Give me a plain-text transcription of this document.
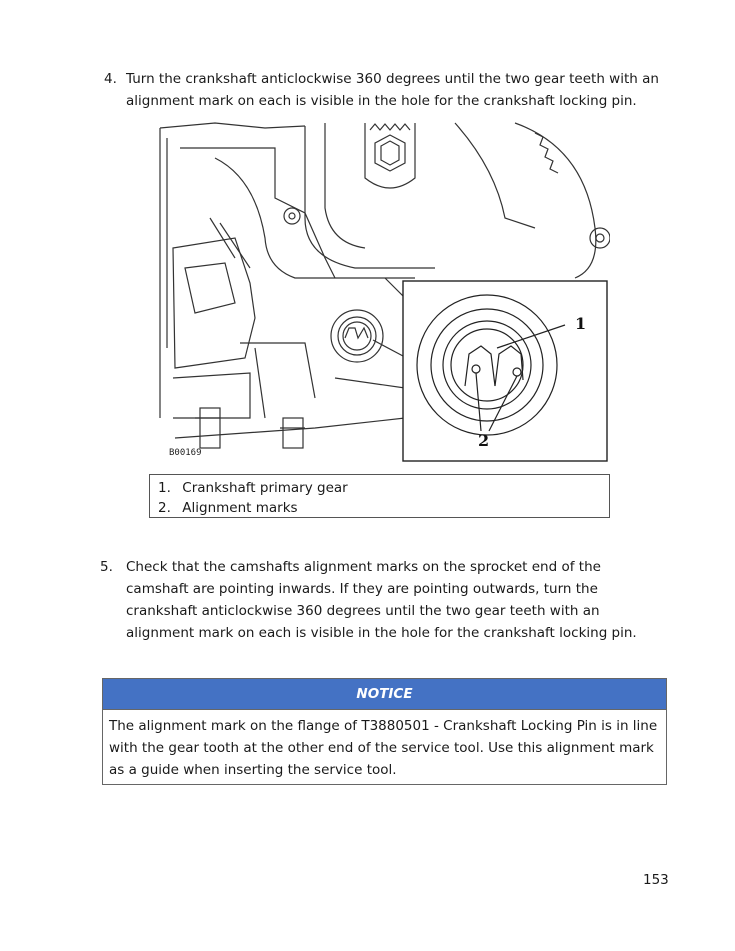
4. Turn the crankshaft anticlockwise 360 degrees until the two gear teeth with an alignment mark on each is visible in the hole for the crankshaft locking pin.
1
2
B00169
1. Crankshaft primary gear
2. Alignment marks
5. Check that the camshafts alignment marks on the sprocket end of the camshaft are pointing inwards. If they are pointing outwards, turn the crankshaft anticlockwise 360 degrees until the two gear teeth with an alignment mark on each is visible in the hole for the crankshaft locking pin.
NOTICE
The alignment mark on the flange of T3880501 - Crankshaft Locking Pin is in line with the gear tooth at the other end of the service tool. Use this alignment mark as a guide when inserting the service tool.
153
